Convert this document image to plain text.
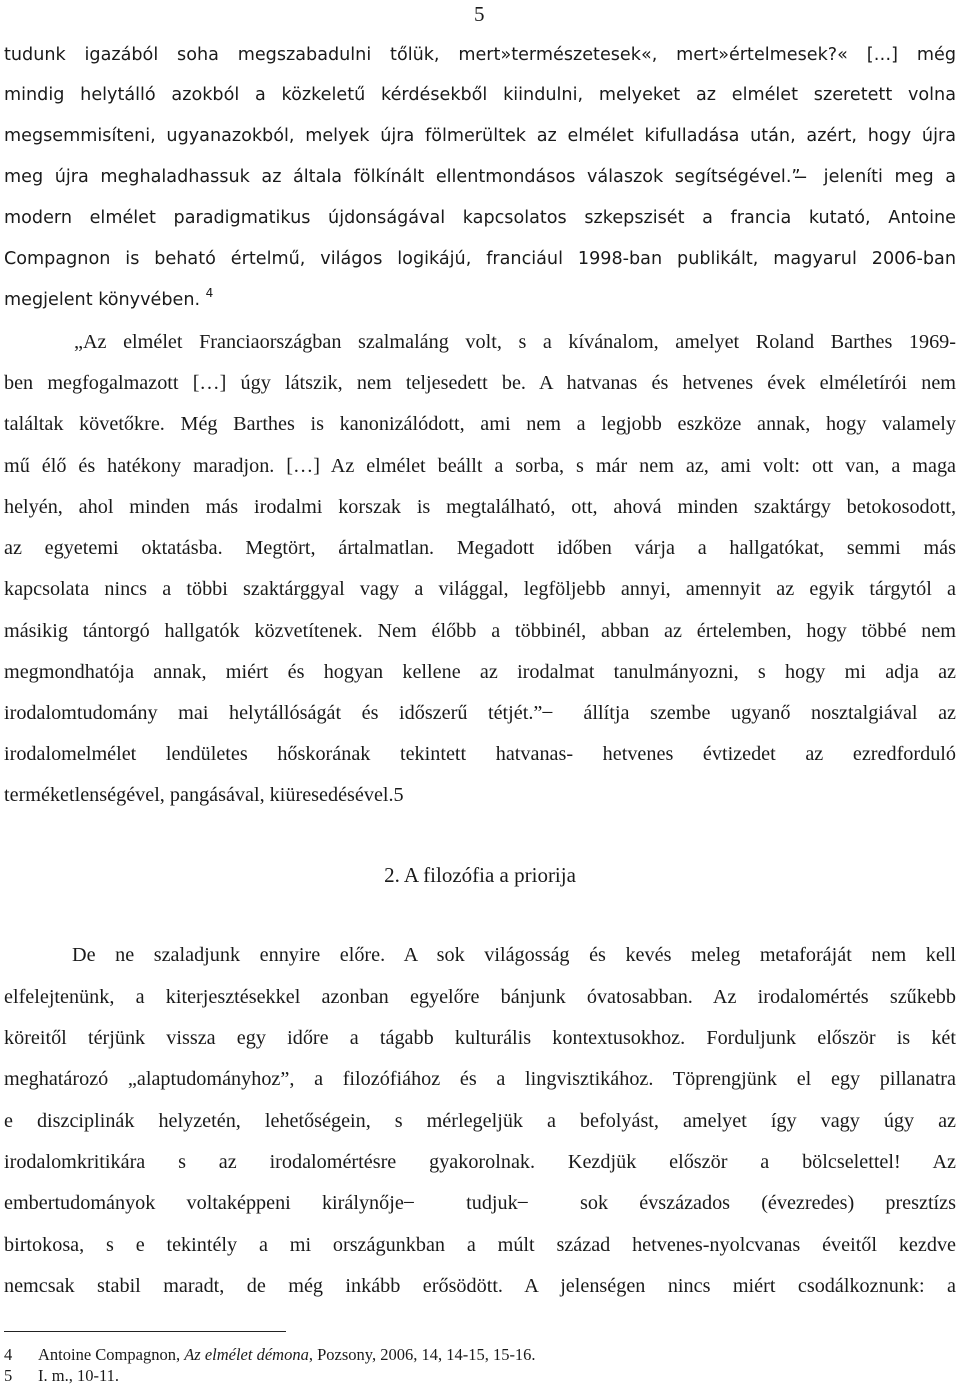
5
tudunk igazából soha megszabadulni tőlük, mert»természetesek«, mert»értelmesek?« […] még
mindig helytálló azokból a közkeletű kérdésekből kiindulni, melyeket az elmélet szeretett volna
megsemmisíteni, ugyanazokból, melyek újra fölmerültek az elmélet kifulladása után, azért, hogy újra
meg újra meghaladhassuk az általa fölkínált ellentmondásos válaszok segítségével.” ̶ jeleníti meg a
modern elmélet paradigmatikus újdonságával kapcsolatos szkepszisét a francia kutató, Antoine
Compagnon is beható értelmű, világos logikájú, franciául 1998-ban publikált, magyarul 2006-ban
megjelent könyvében. $^4$
„Az elmélet Franciaországban szalmaláng volt, s a kívánalom, amelyet Roland Barthes 1969-
ben megfogalmazott […] úgy látszik, nem teljesedett be. A hatvanas és hetvenes évek elméletírói nem
találtak követőkre. Még Barthes is kanonizálódott, ami nem a legjobb eszköze annak, hogy valamely
mű élő és hatékony maradjon. […] Az elmélet beállt a sorba, s már nem az, ami volt: ott van, a maga
helyén, ahol minden más irodalmi korszak is megtalálható, ott, ahová minden szaktárgy betokosodott,
az egyetemi oktatásba. Megtört, ártalmatlan. Megadott időben várja a hallgatókat, semmi más
kapcsolata nincs a többi szaktárggyal vagy a világgal, legföljebb annyi, amennyit az egyik tárgytól a
másikig tántorgó hallgatók közvetítenek. Nem élőbb a többinél, abban az értelemben, hogy többé nem
megmondhatója annak, miért és hogyan kellene az irodalmat tanulmányozni, s hogy mi adja az
irodalomtudomány mai helytállóságát és időszerű tétjét.” ̶ állítja szembe ugyanő nosztalgiával az
irodalomelmélet lendületes hőskorának tekintett hatvanas- hetvenes évtizedet az ezredforduló
terméketlenségével, pangásával, kiüresedésével.5
2. A filozófia a priorija
De ne szaladjunk ennyire előre. A sok világosság és kevés meleg metaforáját nem kell
elfelejtenünk, a kiterjesztésekkel azonban egyelőre bánjunk óvatosabban. Az irodalomértés szűkebb
köreitől térjünk vissza egy időre a tágabb kulturális kontextusokhoz. Forduljunk először is két
meghatározó „alaptudományhoz”, a filozófiához és a lingvisztikához. Töprengjünk el egy pillanatra
e diszciplinák helyzetén, lehetőségein, s mérlegeljük a befolyást, amelyet így vagy úgy az
irodalomkritikára s az irodalomértésre gyakorolnak. Kezdjük először a bölcselettel! Az
embertudományok voltaképpeni királynője ̶ tudjuk ̶ sok évszázados (évezredes) presztízs
birtokosa, s e tekintély a mi országunkban a múlt század hetvenes-nyolcvanas éveitől kezdve
nemcsak stabil maradt, de még inkább erősödött. A jelenségen nincs miért csodálkoznunk: a
4 Antoine Compagnon, Az elmélet démona, Pozsony, 2006, 14, 14-15, 15-16.
5 I. m., 10-11.
